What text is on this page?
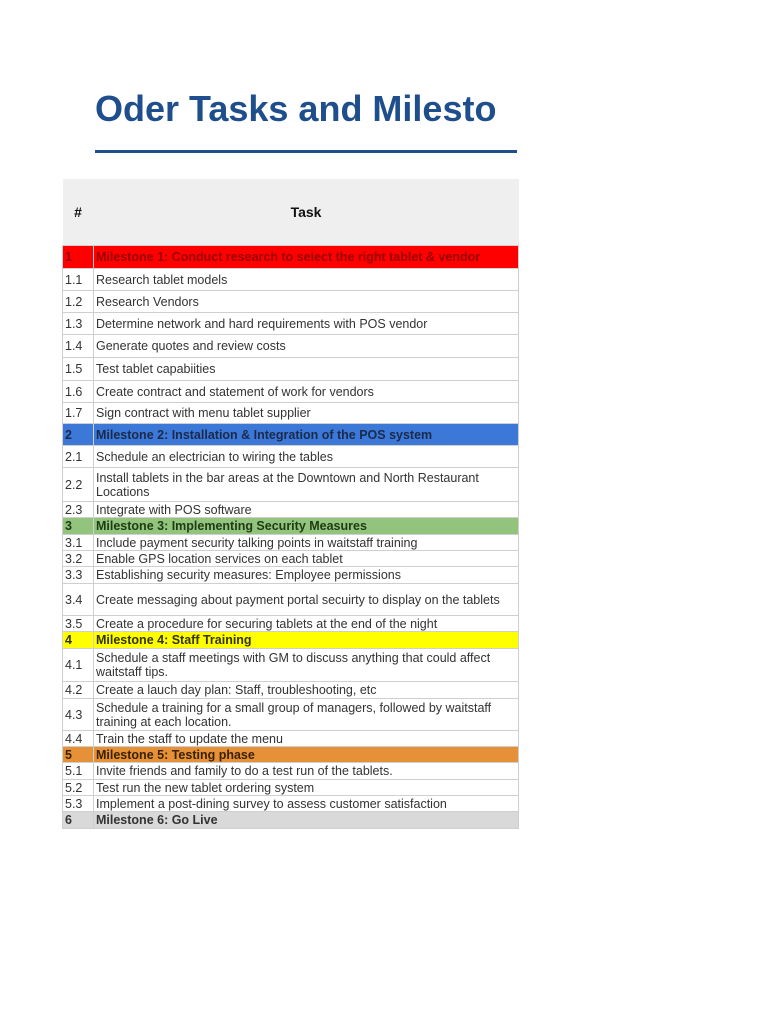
Oder Tasks and Milesto
#	Task
1	Milestone 1: Conduct research to select the right tablet & vendor
1.1	Research tablet models
1.2	Research Vendors
1.3	Determine network and hard requirements with POS vendor
1.4	Generate quotes and review costs
1.5	Test tablet capabiities
1.6	Create contract and statement of work for vendors
1.7	Sign contract with menu tablet supplier
2	Milestone 2: Installation & Integration of the POS system
2.1	Schedule an electrician to wiring the tables
2.2	Install tablets in the bar areas at the Downtown and North Restaurant Locations
2.3	Integrate with POS software
3	Milestone 3: Implementing Security Measures
3.1	Include payment security talking points in waitstaff training
3.2	Enable GPS location services on each tablet
3.3	Establishing security measures: Employee permissions
3.4	Create messaging about payment portal secuirty to display on the tablets
3.5	Create a procedure for securing tablets at the end of the night
4	Milestone 4: Staff Training
4.1	Schedule a staff meetings with GM to discuss anything that could affect waitstaff tips.
4.2	Create a lauch day plan: Staff, troubleshooting, etc
4.3	Schedule a training for a small group of managers, followed by waitstaff training at each location.
4.4	Train the staff to update the menu
5	Milestone 5: Testing phase
5.1	Invite friends and family to do a test run of the tablets.
5.2	Test run the new tablet ordering system
5.3	Implement a post-dining survey to assess customer satisfaction
6	Milestone 6: Go Live
